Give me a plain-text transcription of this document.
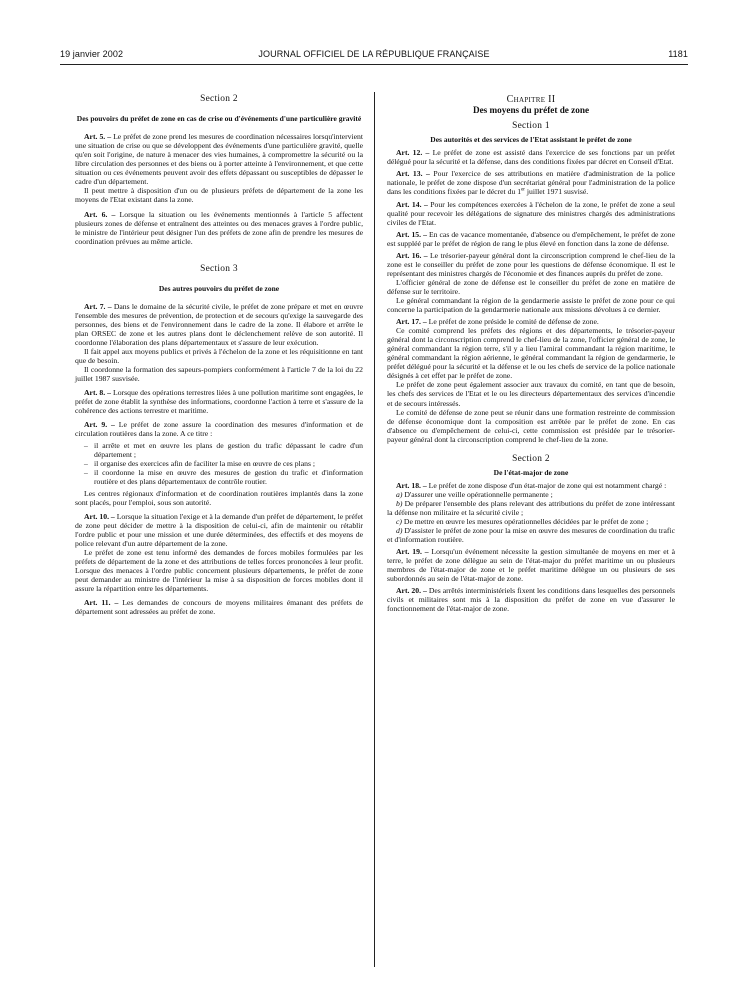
19 janvier 2002	JOURNAL OFFICIEL DE LA RÉPUBLIQUE FRANÇAISE	1181
Section 2
Des pouvoirs du préfet de zone en cas de crise ou d'événements d'une particulière gravité

Art. 5. – Le préfet de zone prend les mesures de coordination nécessaires lorsqu'intervient une situation de crise ou que se développent des événements d'une particulière gravité, quelle qu'en soit l'origine, de nature à menacer des vies humaines, à compromettre la sécurité ou la libre circulation des personnes et des biens ou à porter atteinte à l'environnement, et que cette situation ou ces événements peuvent avoir des effets dépassant ou susceptibles de dépasser le cadre d'un département.

Il peut mettre à disposition d'un ou de plusieurs préfets de département de la zone les moyens de l'Etat existant dans la zone.

Art. 6. – Lorsque la situation ou les événements mentionnés à l'article 5 affectent plusieurs zones de défense et entraînent des atteintes ou des menaces graves à l'ordre public, le ministre de l'intérieur peut désigner l'un des préfets de zone afin de prendre les mesures de coordination prévues au même article.

Section 3
Des autres pouvoirs du préfet de zone

Art. 7. – Dans le domaine de la sécurité civile, le préfet de zone prépare et met en œuvre l'ensemble des mesures de prévention, de protection et de secours qu'exige la sauvegarde des personnes, des biens et de l'environnement dans le cadre de la zone. Il élabore et arrête le plan ORSEC de zone et les autres plans dont le déclenchement relève de son autorité. Il coordonne l'élaboration des plans départementaux et s'assure de leur exécution.

Il fait appel aux moyens publics et privés à l'échelon de la zone et les réquisitionne en tant que de besoin.

Il coordonne la formation des sapeurs-pompiers conformément à l'article 7 de la loi du 22 juillet 1987 susvisée.

Art. 8. – Lorsque des opérations terrestres liées à une pollution maritime sont engagées, le préfet de zone établit la synthèse des informations, coordonne l'action à terre et s'assure de la cohérence des actions terrestre et maritime.

Art. 9. – Le préfet de zone assure la coordination des mesures d'information et de circulation routières dans la zone. A ce titre :

– il arrête et met en œuvre les plans de gestion du trafic dépassant le cadre d'un département ;
– il organise des exercices afin de faciliter la mise en œuvre de ces plans ;
– il coordonne la mise en œuvre des mesures de gestion du trafic et d'information routière et des plans départementaux de contrôle routier.

Les centres régionaux d'information et de coordination routières implantés dans la zone sont placés, pour l'emploi, sous son autorité.

Art. 10. – Lorsque la situation l'exige et à la demande d'un préfet de département, le préfet de zone peut décider de mettre à la disposition de celui-ci, afin de maintenir ou rétablir l'ordre public et pour une mission et une durée déterminées, des effectifs et des moyens de police relevant d'un autre département de la zone.

Le préfet de zone est tenu informé des demandes de forces mobiles formulées par les préfets de département de la zone et des attributions de telles forces prononcées à leur profit. Lorsque des menaces à l'ordre public concernent plusieurs départements, le préfet de zone peut demander au ministre de l'intérieur la mise à sa disposition de forces mobiles dont il assure la répartition entre les départements.

Art. 11. – Les demandes de concours de moyens militaires émanant des préfets de département sont adressées au préfet de zone.

Chapitre II
Des moyens du préfet de zone
Section 1
Des autorités et des services de l'Etat assistant le préfet de zone

Art. 12. – Le préfet de zone est assisté dans l'exercice de ses fonctions par un préfet délégué pour la sécurité et la défense, dans des conditions fixées par décret en Conseil d'Etat.

Art. 13. – Pour l'exercice de ses attributions en matière d'administration de la police nationale, le préfet de zone dispose d'un secrétariat général pour l'administration de la police dans les conditions fixées par le décret du 1er juillet 1971 susvisé.

Art. 14. – Pour les compétences exercées à l'échelon de la zone, le préfet de zone a seul qualité pour recevoir les délégations de signature des ministres chargés des administrations civiles de l'Etat.

Art. 15. – En cas de vacance momentanée, d'absence ou d'empêchement, le préfet de zone est suppléé par le préfet de région de rang le plus élevé en fonction dans la zone de défense.

Art. 16. – Le trésorier-payeur général dont la circonscription comprend le chef-lieu de la zone est le conseiller du préfet de zone pour les questions de défense économique. Il est le représentant des ministres chargés de l'économie et des finances auprès du préfet de zone.

L'officier général de zone de défense est le conseiller du préfet de zone en matière de défense sur le territoire.

Le général commandant la région de la gendarmerie assiste le préfet de zone pour ce qui concerne la participation de la gendarmerie nationale aux missions dévolues à ce dernier.

Art. 17. – Le préfet de zone préside le comité de défense de zone.

Ce comité comprend les préfets des régions et des départements, le trésorier-payeur général dont la circonscription comprend le chef-lieu de la zone, l'officier général de zone, le général commandant la région terre, s'il y a lieu l'amiral commandant la région maritime, le général commandant la région aérienne, le général commandant la région de gendarmerie, le préfet délégué pour la sécurité et la défense et le ou les chefs de service de la police nationale désignés à cet effet par le préfet de zone.

Le préfet de zone peut également associer aux travaux du comité, en tant que de besoin, les chefs des services de l'Etat et le ou les directeurs départementaux des services d'incendie et de secours intéressés.

Le comité de défense de zone peut se réunir dans une formation restreinte de commission de défense économique dont la composition est arrêtée par le préfet de zone. En cas d'absence ou d'empêchement de celui-ci, cette commission est présidée par le trésorier-payeur général dont la circonscription comprend le chef-lieu de la zone.

Section 2
De l'état-major de zone

Art. 18. – Le préfet de zone dispose d'un état-major de zone qui est notamment chargé :

a) D'assurer une veille opérationnelle permanente ;

b) De préparer l'ensemble des plans relevant des attributions du préfet de zone intéressant la défense non militaire et la sécurité civile ;

c) De mettre en œuvre les mesures opérationnelles décidées par le préfet de zone ;

d) D'assister le préfet de zone pour la mise en œuvre des mesures de coordination du trafic et d'information routière.

Art. 19. – Lorsqu'un événement nécessite la gestion simultanée de moyens en mer et à terre, le préfet de zone délègue au sein de l'état-major du préfet maritime un ou plusieurs membres de l'état-major de zone et le préfet maritime délègue un ou plusieurs de ses subordonnés au sein de l'état-major de zone.

Art. 20. – Des arrêtés interministériels fixent les conditions dans lesquelles des personnels civils et militaires sont mis à la disposition du préfet de zone en vue d'assurer le fonctionnement de l'état-major de zone.
